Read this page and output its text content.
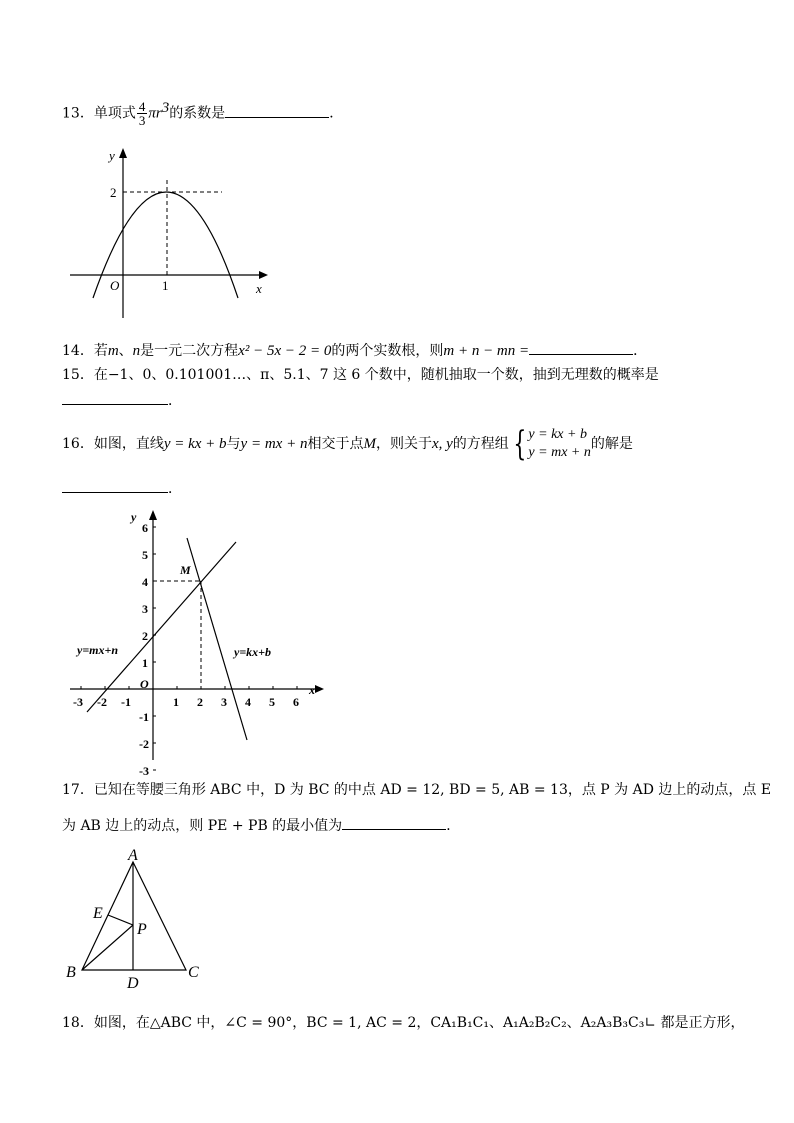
13．单项式 $\frac{4}{3} \pi r^3$的系数是	．
y
x
O	1
2
14．若m、n是一元二次方程x² − 5x − 2 = 0的两个实数根，则m + n − mn =	．
15．在−1、0、0.101001…、π、5.1、7 这 6 个数中，随机抽取一个数，抽到无理数的概率是
．
16．如图，直线y = kx + b与y = mx + n相交于点M，则关于x, y的方程组 { y = kx + b
y = mx + n
的解是
．
y
x
O
M
y=mx+n	y=kx+b
-3 -2 -1	1 2 3 4 5 6
6
5
4
3
2
1
-1
-2
-3
17．已知在等腰三角形 ABC 中，D 为 BC 的中点 AD = 12, BD = 5, AB = 13，点 P 为 AD 边上的动点，点 E
为 AB 边上的动点，则 PE + PB 的最小值为	．
A
B	C
D
E
P
18．如图，在△ABC 中，∠C = 90°，BC = 1, AC = 2，CA₁B₁C₁、A₁A₂B₂C₂、A₂A₃B₃C₃∟ 都是正方形，
